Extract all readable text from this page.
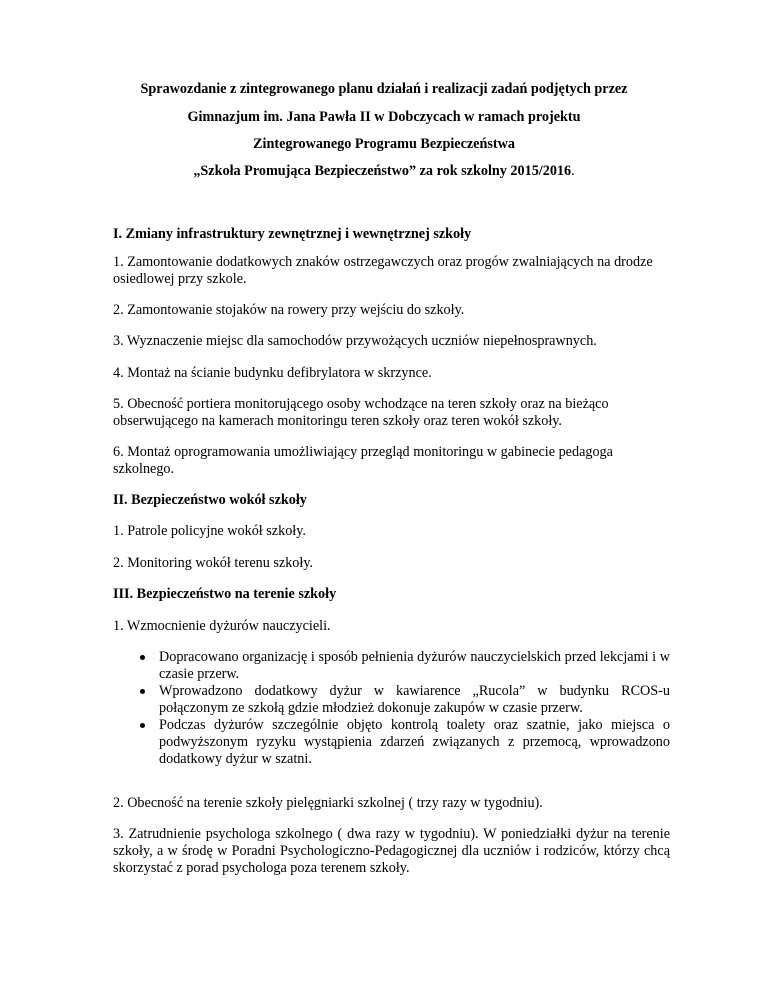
Sprawozdanie z zintegrowanego planu działań i realizacji zadań podjętych przez

Gimnazjum im. Jana Pawła II w Dobczycach w ramach projektu

Zintegrowanego Programu Bezpieczeństwa

„Szkoła Promująca Bezpieczeństwo” za rok szkolny 2015/2016.

I. Zmiany infrastruktury zewnętrznej i wewnętrznej szkoły

1. Zamontowanie dodatkowych znaków ostrzegawczych oraz progów zwalniających na drodze osiedlowej przy szkole.

2. Zamontowanie stojaków na rowery przy wejściu do szkoły.

3. Wyznaczenie miejsc dla samochodów przywożących uczniów niepełnosprawnych.

4. Montaż na ścianie budynku defibrylatora w skrzynce.

5. Obecność portiera monitorującego osoby wchodzące na teren szkoły oraz na bieżąco obserwującego na kamerach monitoringu teren szkoły oraz teren wokół szkoły.

6. Montaż oprogramowania umożliwiający przegląd monitoringu w gabinecie pedagoga szkolnego.

II. Bezpieczeństwo wokół szkoły

1. Patrole policyjne wokół szkoły.

2. Monitoring wokół terenu szkoły.

III. Bezpieczeństwo na terenie szkoły

1. Wzmocnienie dyżurów nauczycieli.

Dopracowano organizację i sposób pełnienia dyżurów nauczycielskich przed lekcjami i w czasie przerw.
Wprowadzono dodatkowy dyżur w kawiarence „Rucola” w budynku RCOS-u połączonym ze szkołą gdzie młodzież dokonuje zakupów w czasie przerw.
Podczas dyżurów szczególnie objęto kontrolą toalety oraz szatnie, jako miejsca o podwyższonym ryzyku wystąpienia zdarzeń związanych z przemocą, wprowadzono dodatkowy dyżur w szatni.

2. Obecność na terenie szkoły pielęgniarki szkolnej ( trzy razy w tygodniu).

3. Zatrudnienie psychologa szkolnego ( dwa razy w tygodniu). W poniedziałki dyżur na terenie szkoły, a w środę w Poradni Psychologiczno-Pedagogicznej dla uczniów i rodziców, którzy chcą skorzystać z porad psychologa poza terenem szkoły.
